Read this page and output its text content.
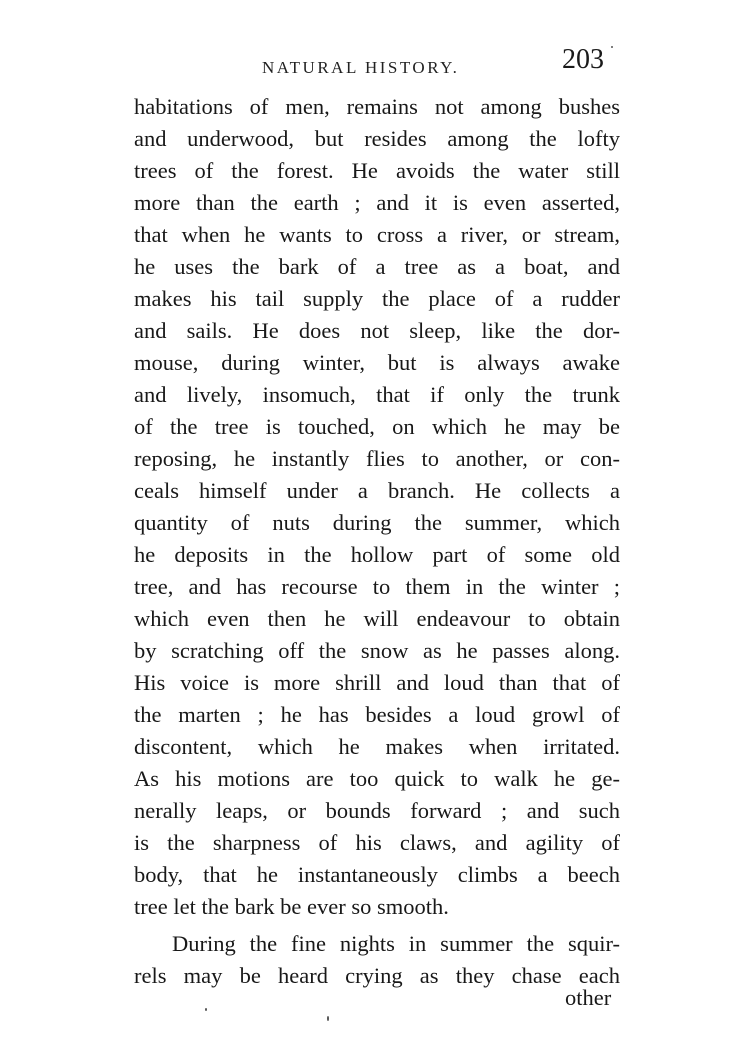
NATURAL HISTORY.	203
habitations of men, remains not among bushes
and underwood, but resides among the lofty
trees of the forest. He avoids the water still
more than the earth ; and it is even asserted,
that when he wants to cross a river, or stream,
he uses the bark of a tree as a boat, and
makes his tail supply the place of a rudder
and sails. He does not sleep, like the dor-
mouse, during winter, but is always awake
and lively, insomuch, that if only the trunk
of the tree is touched, on which he may be
reposing, he instantly flies to another, or con-
ceals himself under a branch. He collects a
quantity of nuts during the summer, which
he deposits in the hollow part of some old
tree, and has recourse to them in the winter ;
which even then he will endeavour to obtain
by scratching off the snow as he passes along.
His voice is more shrill and loud than that of
the marten ; he has besides a loud growl of
discontent, which he makes when irritated.
As his motions are too quick to walk he ge-
nerally leaps, or bounds forward ; and such
is the sharpness of his claws, and agility of
body, that he instantaneously climbs a beech
tree let the bark be ever so smooth.
During the fine nights in summer the squir-
rels may be heard crying as they chase each
other
